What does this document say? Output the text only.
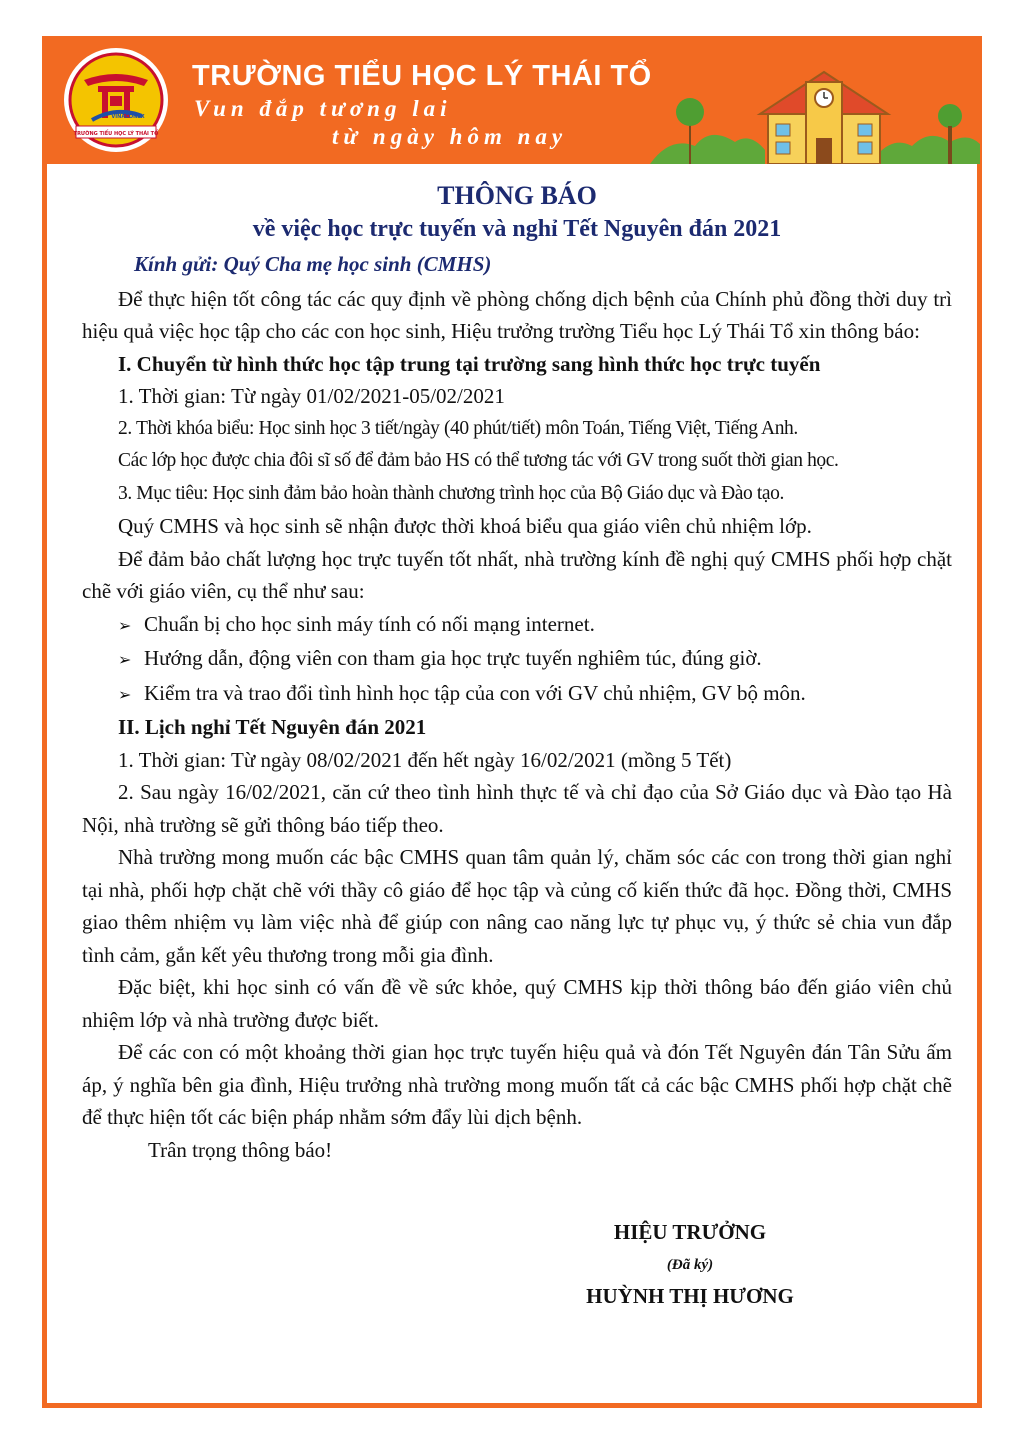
TRƯỜNG TIỂU HỌC LÝ THÁI TỔ
VINACONEX
TRƯỜNG TIỂU HỌC LÝ THÁI TỔ
Vun đắp tương lai
từ ngày hôm nay

THÔNG BÁO

về việc học trực tuyến và nghỉ Tết Nguyên đán 2021

Kính gửi: Quý Cha mẹ học sinh (CMHS)

Để thực hiện tốt công tác các quy định về phòng chống dịch bệnh của Chính phủ đồng thời duy trì hiệu quả việc học tập cho các con học sinh, Hiệu trưởng trường Tiểu học Lý Thái Tổ xin thông báo:

I. Chuyển từ hình thức học tập trung tại trường sang hình thức học trực tuyến

1. Thời gian: Từ ngày 01/02/2021-05/02/2021

2. Thời khóa biểu: Học sinh học 3 tiết/ngày (40 phút/tiết) môn Toán, Tiếng Việt, Tiếng Anh.

Các lớp học được chia đôi sĩ số để đảm bảo HS có thể tương tác với GV trong suốt thời gian học.

3. Mục tiêu: Học sinh đảm bảo hoàn thành chương trình học của Bộ Giáo dục và Đào tạo.

Quý CMHS và học sinh sẽ nhận được thời khoá biểu qua giáo viên chủ nhiệm lớp.

Để đảm bảo chất lượng học trực tuyến tốt nhất, nhà trường kính đề nghị quý CMHS phối hợp chặt chẽ với giáo viên, cụ thể như sau:

➢ Chuẩn bị cho học sinh máy tính có nối mạng internet.

➢ Hướng dẫn, động viên con tham gia học trực tuyến nghiêm túc, đúng giờ.

➢ Kiểm tra và trao đổi tình hình học tập của con với GV chủ nhiệm, GV bộ môn.

II. Lịch nghỉ Tết Nguyên đán 2021

1. Thời gian: Từ ngày 08/02/2021 đến hết ngày 16/02/2021 (mồng 5 Tết)

2. Sau ngày 16/02/2021, căn cứ theo tình hình thực tế và chỉ đạo của Sở Giáo dục và Đào tạo Hà Nội, nhà trường sẽ gửi thông báo tiếp theo.

Nhà trường mong muốn các bậc CMHS quan tâm quản lý, chăm sóc các con trong thời gian nghỉ tại nhà, phối hợp chặt chẽ với thầy cô giáo để học tập và củng cố kiến thức đã học. Đồng thời, CMHS giao thêm nhiệm vụ làm việc nhà để giúp con nâng cao năng lực tự phục vụ, ý thức sẻ chia vun đắp tình cảm, gắn kết yêu thương trong mỗi gia đình.

Đặc biệt, khi học sinh có vấn đề về sức khỏe, quý CMHS kịp thời thông báo đến giáo viên chủ nhiệm lớp và nhà trường được biết.

Để các con có một khoảng thời gian học trực tuyến hiệu quả và đón Tết Nguyên đán Tân Sửu ấm áp, ý nghĩa bên gia đình, Hiệu trưởng nhà trường mong muốn tất cả các bậc CMHS phối hợp chặt chẽ để thực hiện tốt các biện pháp nhằm sớm đẩy lùi dịch bệnh.

Trân trọng thông báo!

HIỆU TRƯỞNG
(Đã ký)
HUỲNH THỊ HƯƠNG
